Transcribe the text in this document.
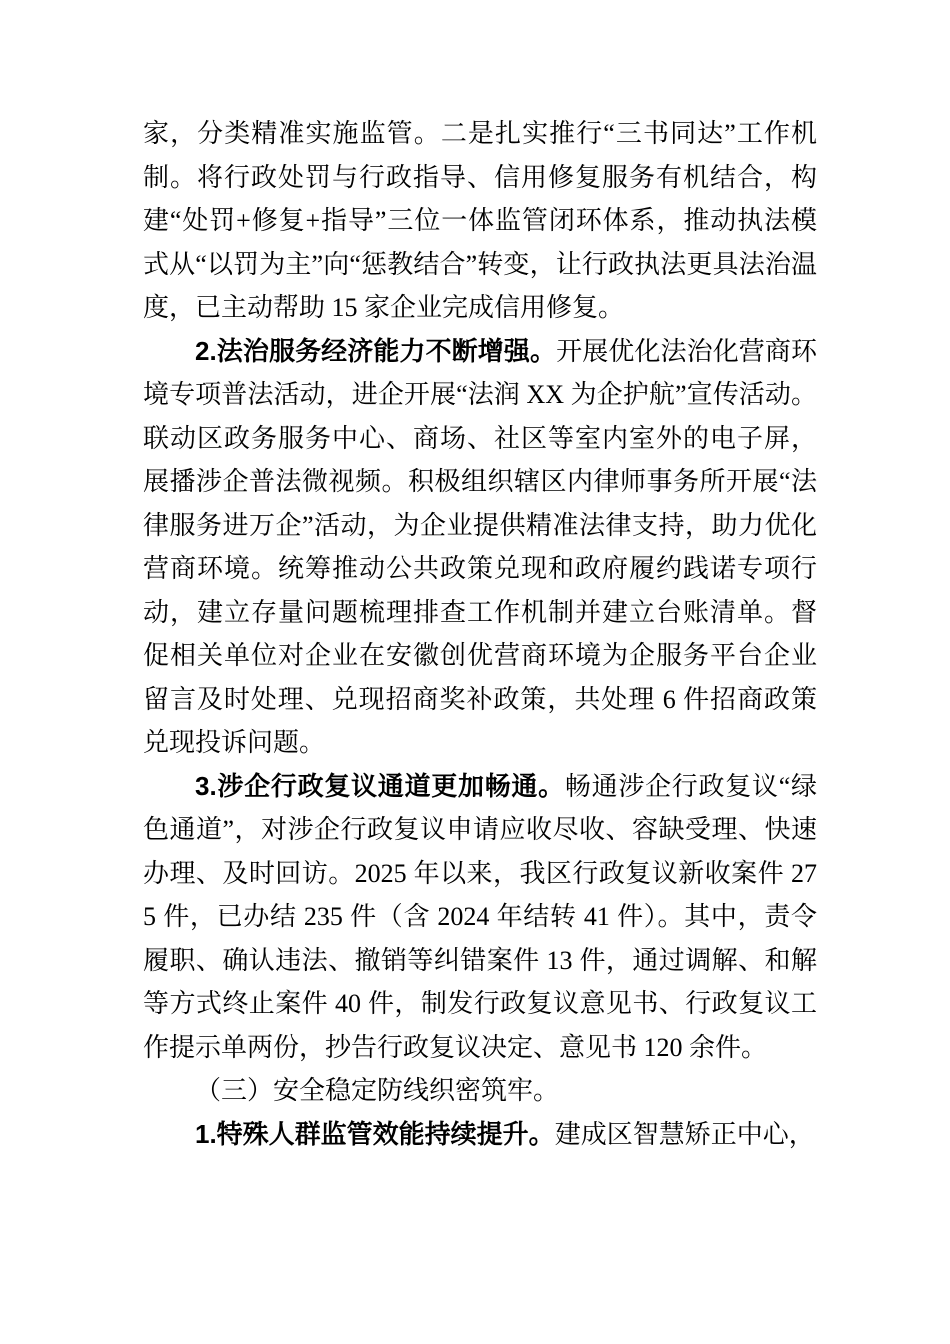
家，分类精准实施监管。二是扎实推行“三书同达”工作机制。将行政处罚与行政指导、信用修复服务有机结合，构建“处罚+修复+指导”三位一体监管闭环体系，推动执法模式从“以罚为主”向“惩教结合”转变，让行政执法更具法治温度，已主动帮助 15 家企业完成信用修复。

2.法治服务经济能力不断增强。开展优化法治化营商环境专项普法活动，进企开展“法润 XX 为企护航”宣传活动。联动区政务服务中心、商场、社区等室内室外的电子屏，展播涉企普法微视频。积极组织辖区内律师事务所开展“法律服务进万企”活动，为企业提供精准法律支持，助力优化营商环境。统筹推动公共政策兑现和政府履约践诺专项行动，建立存量问题梳理排查工作机制并建立台账清单。督促相关单位对企业在安徽创优营商环境为企服务平台企业留言及时处理、兑现招商奖补政策，共处理 6 件招商政策兑现投诉问题。

3.涉企行政复议通道更加畅通。畅通涉企行政复议“绿色通道”，对涉企行政复议申请应收尽收、容缺受理、快速办理、及时回访。2025 年以来，我区行政复议新收案件 275 件，已办结 235 件（含 2024 年结转 41 件）。其中，责令履职、确认违法、撤销等纠错案件 13 件，通过调解、和解等方式终止案件 40 件，制发行政复议意见书、行政复议工作提示单两份，抄告行政复议决定、意见书 120 余件。

（三）安全稳定防线织密筑牢。

1.特殊人群监管效能持续提升。建成区智慧矫正中心，
